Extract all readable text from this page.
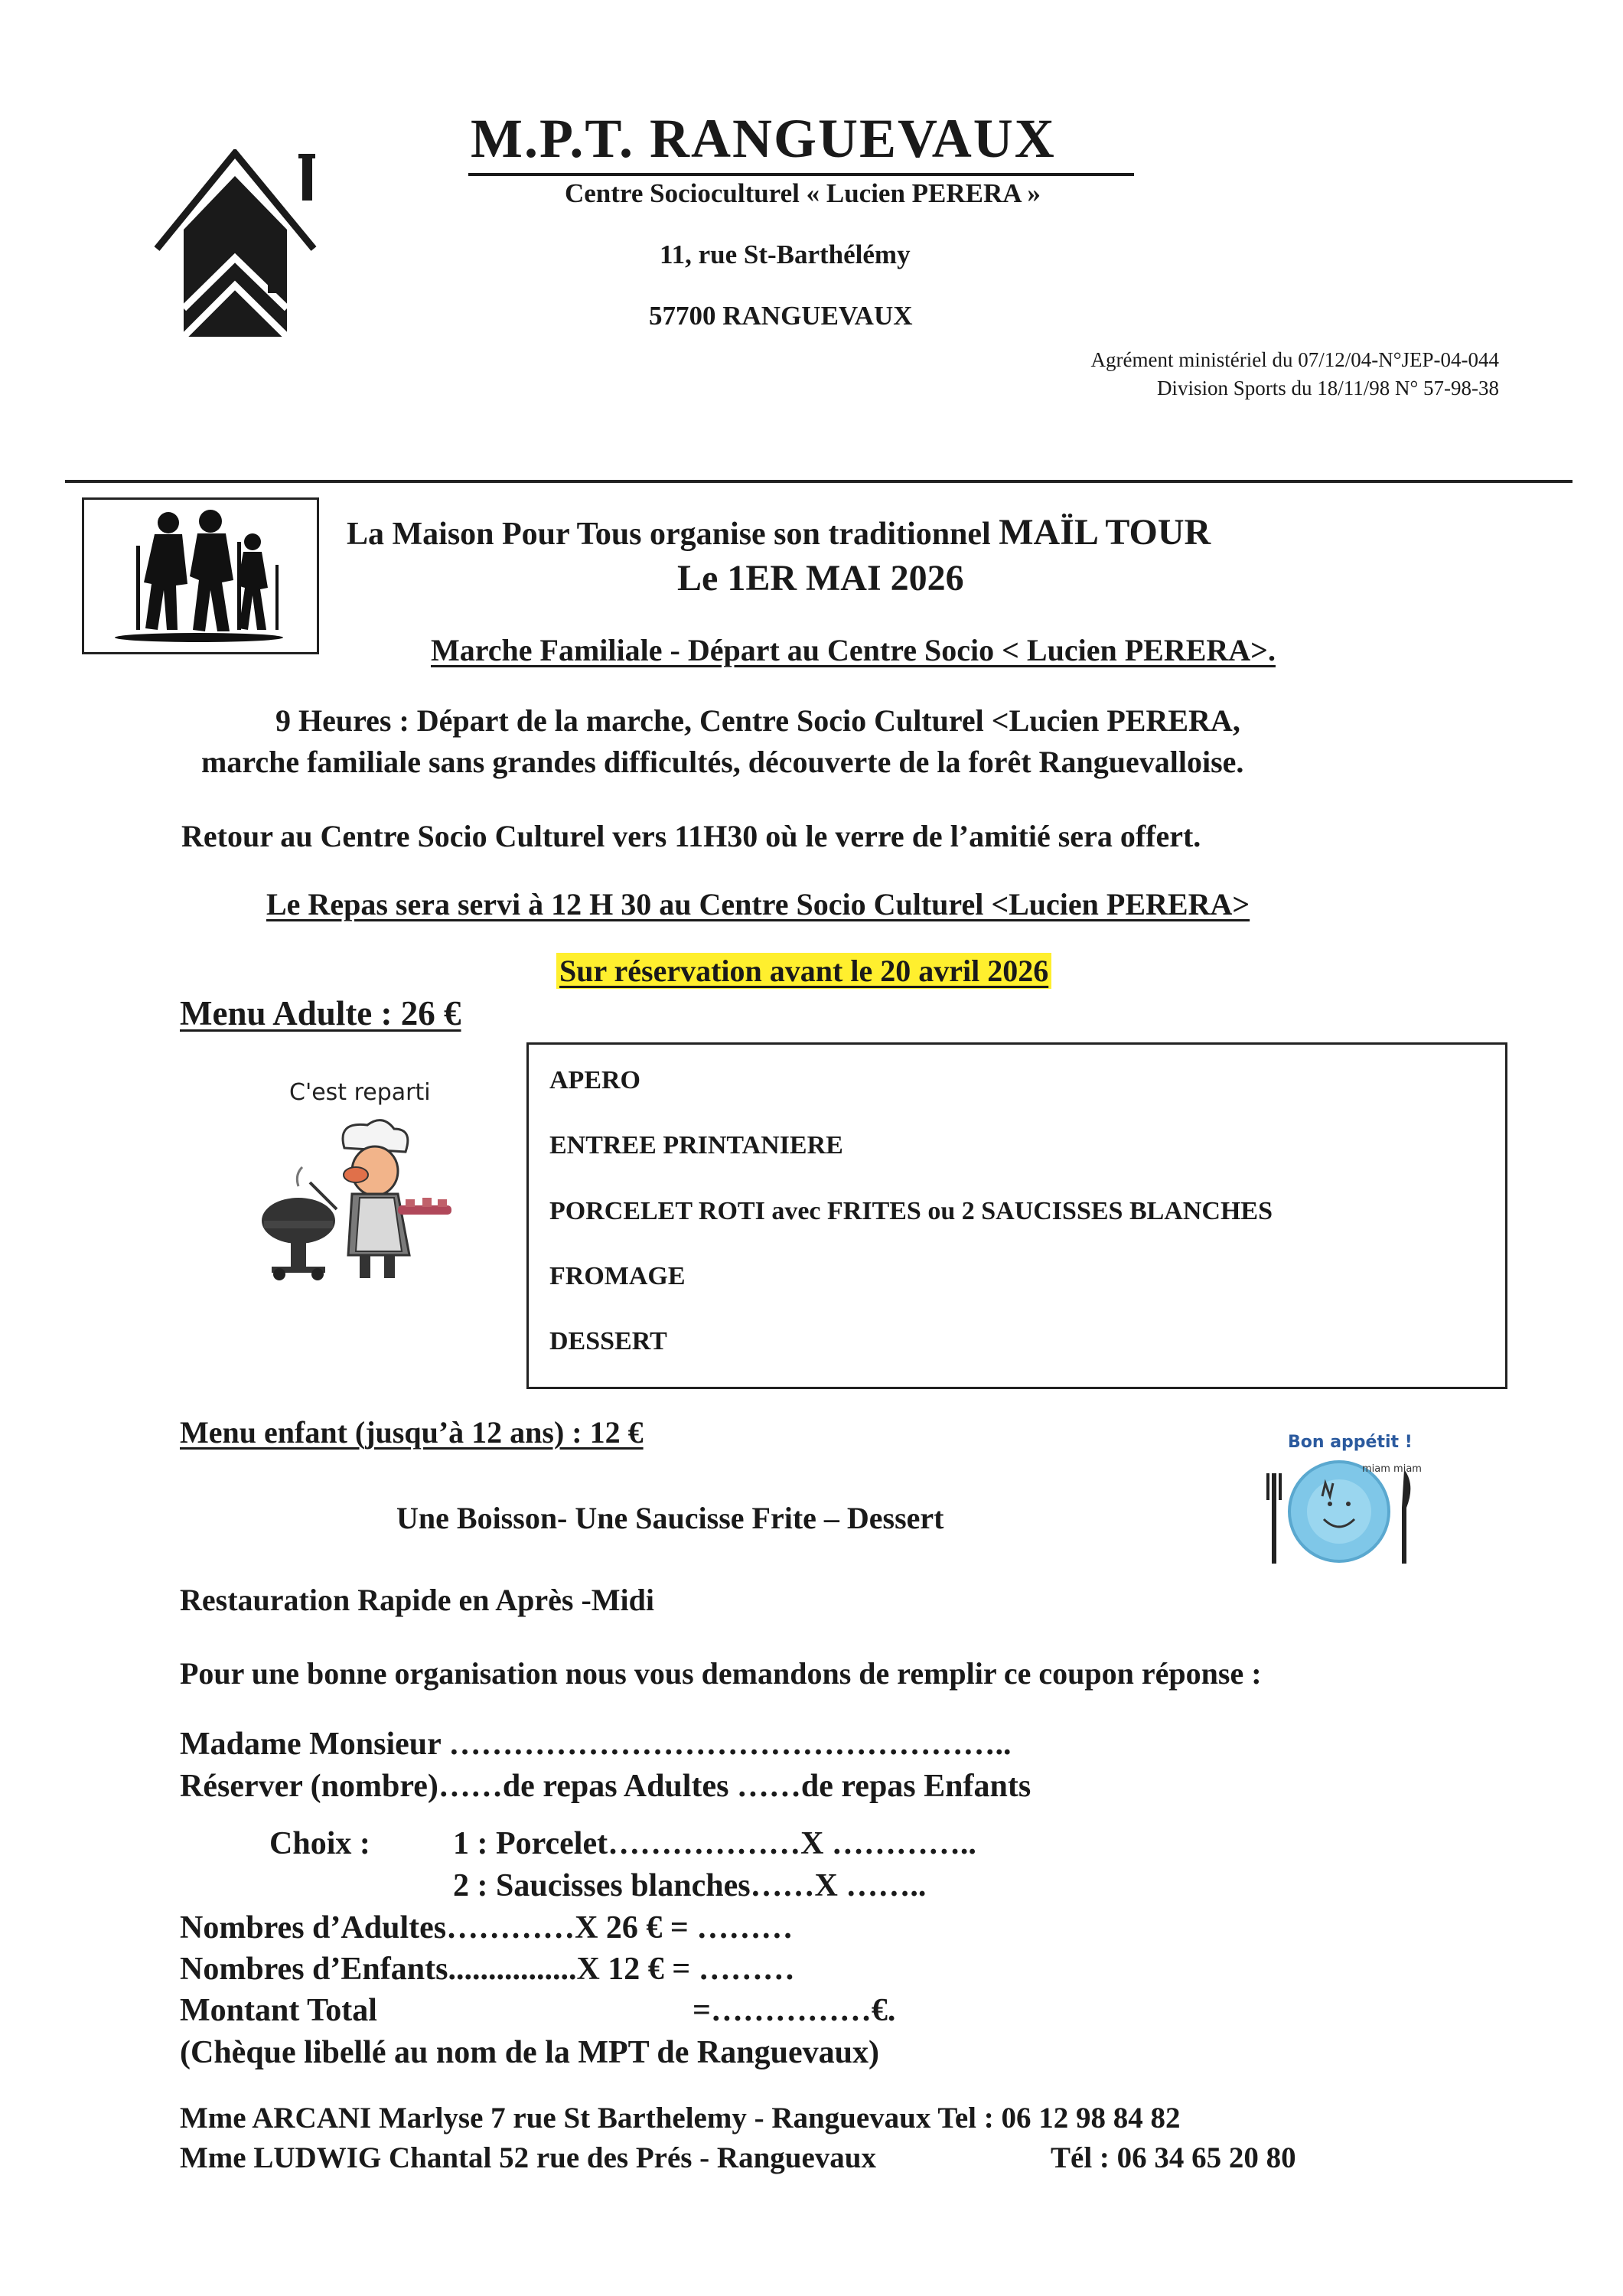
M.P.T. RANGUEVAUX
Centre Socioculturel « Lucien PERERA »
11, rue St-Barthélémy
57700 RANGUEVAUX
Agrément ministériel du 07/12/04-N°JEP-04-044
Division Sports du 18/11/98 N° 57-98-38
La Maison Pour Tous organise son traditionnel MAÏL TOUR
Le 1ER MAI 2026
Marche Familiale - Départ au Centre Socio < Lucien PERERA>.
9 Heures : Départ de la marche, Centre Socio Culturel <Lucien PERERA,
marche familiale sans grandes difficultés, découverte de la forêt Ranguevalloise.
Retour au Centre Socio Culturel vers 11H30 où le verre de l’amitié sera offert.
Le Repas sera servi à 12 H 30 au Centre Socio Culturel <Lucien PERERA>
Sur réservation avant le 20 avril 2026
Menu Adulte : 26 €
C'est reparti	APERO
ENTREE PRINTANIERE
PORCELET ROTI avec FRITES ou 2 SAUCISSES BLANCHES
FROMAGE
DESSERT
Menu enfant (jusqu’à 12 ans) : 12 €
Une Boisson- Une Saucisse Frite – Dessert
Bon appétit !
miam miam
Restauration Rapide en Après -Midi
Pour une bonne organisation nous vous demandons de remplir ce coupon réponse :
Madame Monsieur ……………………………………………..
Réserver (nombre)……de repas Adultes ……de repas Enfants
Choix :	1 : Porcelet………………X …………..
2 : Saucisses blanches……X ……..
Nombres d’Adultes…………X 26 € = ………
Nombres d’Enfants................X 12 € = ………
Montant Total	=……………€.
(Chèque libellé au nom de la MPT de Ranguevaux)
Mme ARCANI Marlyse 7 rue St Barthelemy - Ranguevaux Tel : 06 12 98 84 82
Mme LUDWIG Chantal 52 rue des Prés - Ranguevaux	Tél : 06 34 65 20 80
